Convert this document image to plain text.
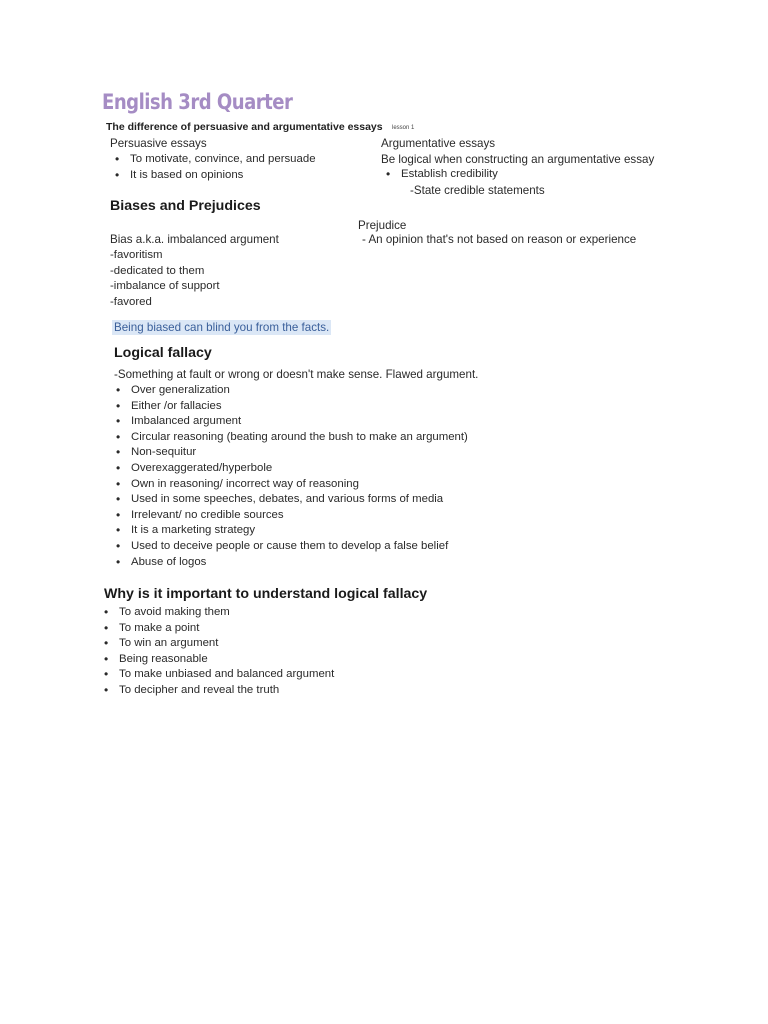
English 3rd Quarter
The difference of persuasive and argumentative essays lesson 1
Persuasive essays
• To motivate, convince, and persuade
• It is based on opinions
Argumentative essays
Be logical when constructing an argumentative essay
• Establish credibility
-State credible statements
Biases and Prejudices
Bias a.k.a. imbalanced argument
-favoritism
-dedicated to them
-imbalance of support
-favored
Being biased can blind you from the facts.
Prejudice
- An opinion that's not based on reason or experience
Logical fallacy
-Something at fault or wrong or doesn't make sense. Flawed argument.
• Over generalization
• Either /or fallacies
• Imbalanced argument
• Circular reasoning (beating around the bush to make an argument)
• Non-sequitur
• Overexaggerated/hyperbole
• Own in reasoning/ incorrect way of reasoning
• Used in some speeches, debates, and various forms of media
• Irrelevant/ no credible sources
• It is a marketing strategy
• Used to deceive people or cause them to develop a false belief
• Abuse of logos
Why is it important to understand logical fallacy
• To avoid making them
• To make a point
• To win an argument
• Being reasonable
• To make unbiased and balanced argument
• To decipher and reveal the truth
